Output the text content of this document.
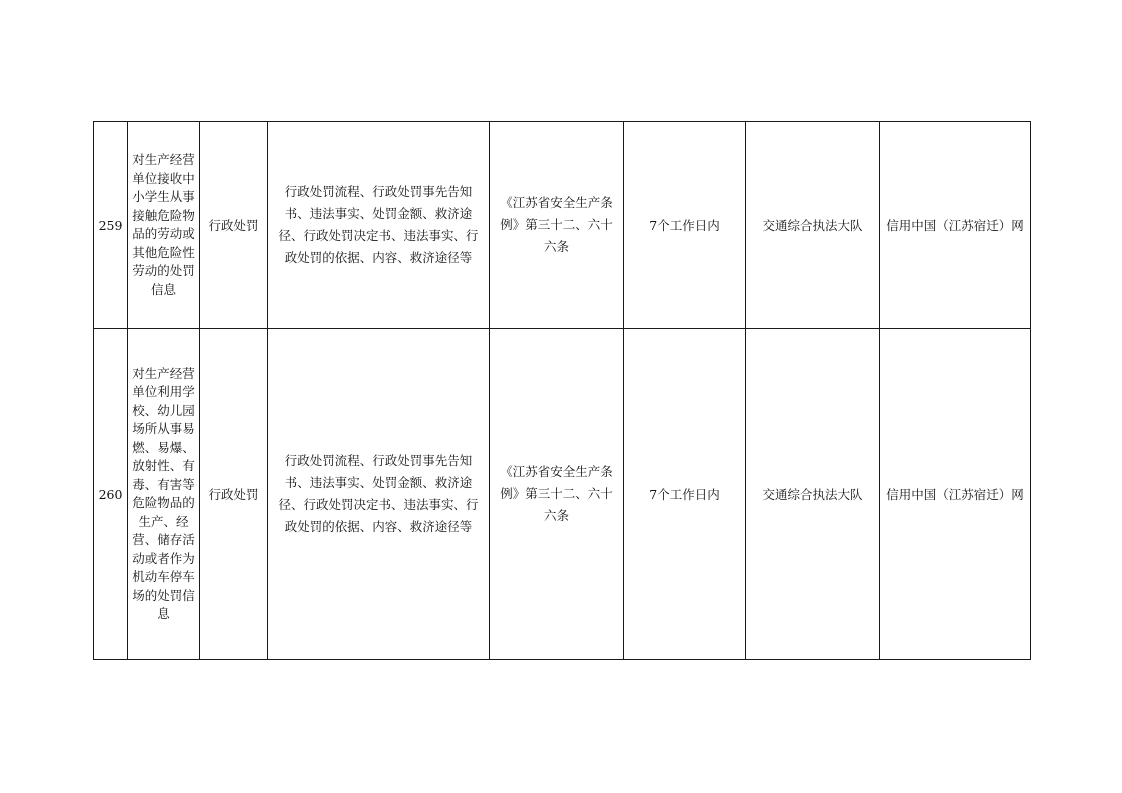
259	对生产经营单位接收中小学生从事接触危险物品的劳动或其他危险性劳动的处罚信息	行政处罚	行政处罚流程、行政处罚事先告知书、违法事实、处罚金额、救济途径、行政处罚决定书、违法事实、行政处罚的依据、内容、救济途径等	《江苏省安全生产条例》第三十二、六十六条	7个工作日内	交通综合执法大队	信用中国（江苏宿迁）网
260	对生产经营单位利用学校、幼儿园场所从事易燃、易爆、放射性、有毒、有害等危险物品的生产、经营、储存活动或者作为机动车停车场的处罚信息	行政处罚	行政处罚流程、行政处罚事先告知书、违法事实、处罚金额、救济途径、行政处罚决定书、违法事实、行政处罚的依据、内容、救济途径等	《江苏省安全生产条例》第三十二、六十六条	7个工作日内	交通综合执法大队	信用中国（江苏宿迁）网
